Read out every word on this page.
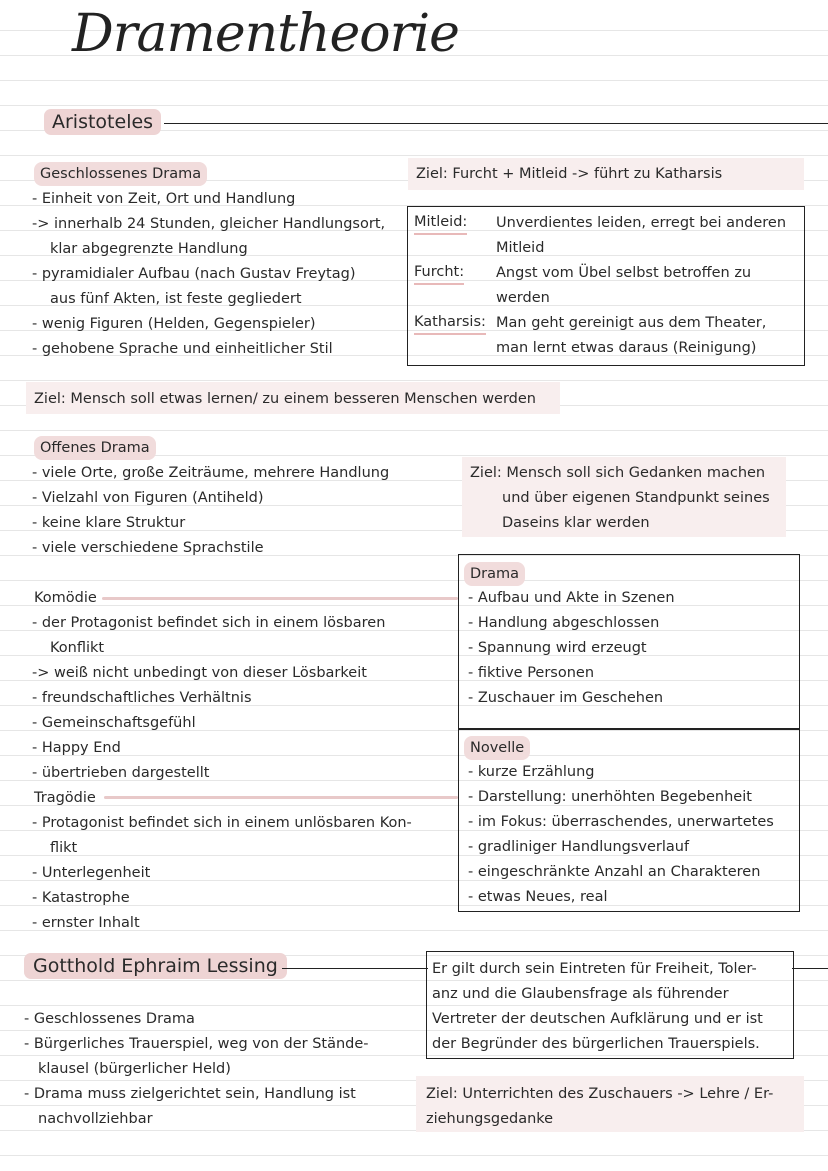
Dramentheorie
Aristoteles
Geschlossenes Drama
- Einheit von Zeit, Ort und Handlung
-> innerhalb 24 Stunden, gleicher Handlungsort,
klar abgegrenzte Handlung
- pyramidialer Aufbau (nach Gustav Freytag)
aus fünf Akten, ist feste gegliedert
- wenig Figuren (Helden, Gegenspieler)
- gehobene Sprache und einheitlicher Stil
Ziel: Furcht + Mitleid -> führt zu Katharsis
Mitleid: Unverdientes leiden, erregt bei anderen
Mitleid
Furcht: Angst vom Übel selbst betroffen zu
werden
Katharsis: Man geht gereinigt aus dem Theater,
man lernt etwas daraus (Reinigung)
Ziel: Mensch soll etwas lernen/ zu einem besseren Menschen werden
Offenes Drama
- viele Orte, große Zeiträume, mehrere Handlung
- Vielzahl von Figuren (Antiheld)
- keine klare Struktur
- viele verschiedene Sprachstile
Ziel: Mensch soll sich Gedanken machen
und über eigenen Standpunkt seines
Daseins klar werden
Komödie
- der Protagonist befindet sich in einem lösbaren
Konflikt
-> weiß nicht unbedingt von dieser Lösbarkeit
- freundschaftliches Verhältnis
- Gemeinschaftsgefühl
- Happy End
- übertrieben dargestellt
Tragödie
- Protagonist befindet sich in einem unlösbaren Kon-
flikt
- Unterlegenheit
- Katastrophe
- ernster Inhalt
Drama
- Aufbau und Akte in Szenen
- Handlung abgeschlossen
- Spannung wird erzeugt
- fiktive Personen
- Zuschauer im Geschehen
Novelle
- kurze Erzählung
- Darstellung: unerhöhten Begebenheit
- im Fokus: überraschendes, unerwartetes
- gradliniger Handlungsverlauf
- eingeschränkte Anzahl an Charakteren
- etwas Neues, real
Gotthold Ephraim Lessing	Er gilt durch sein Eintreten für Freiheit, Toler-
anz und die Glaubensfrage als führender
Vertreter der deutschen Aufklärung und er ist
der Begründer des bürgerlichen Trauerspiels.
- Geschlossenes Drama
- Bürgerliches Trauerspiel, weg von der Stände-
klausel (bürgerlicher Held)
- Drama muss zielgerichtet sein, Handlung ist
nachvollziehbar
Ziel: Unterrichten des Zuschauers -> Lehre / Er-
ziehungsgedanke
